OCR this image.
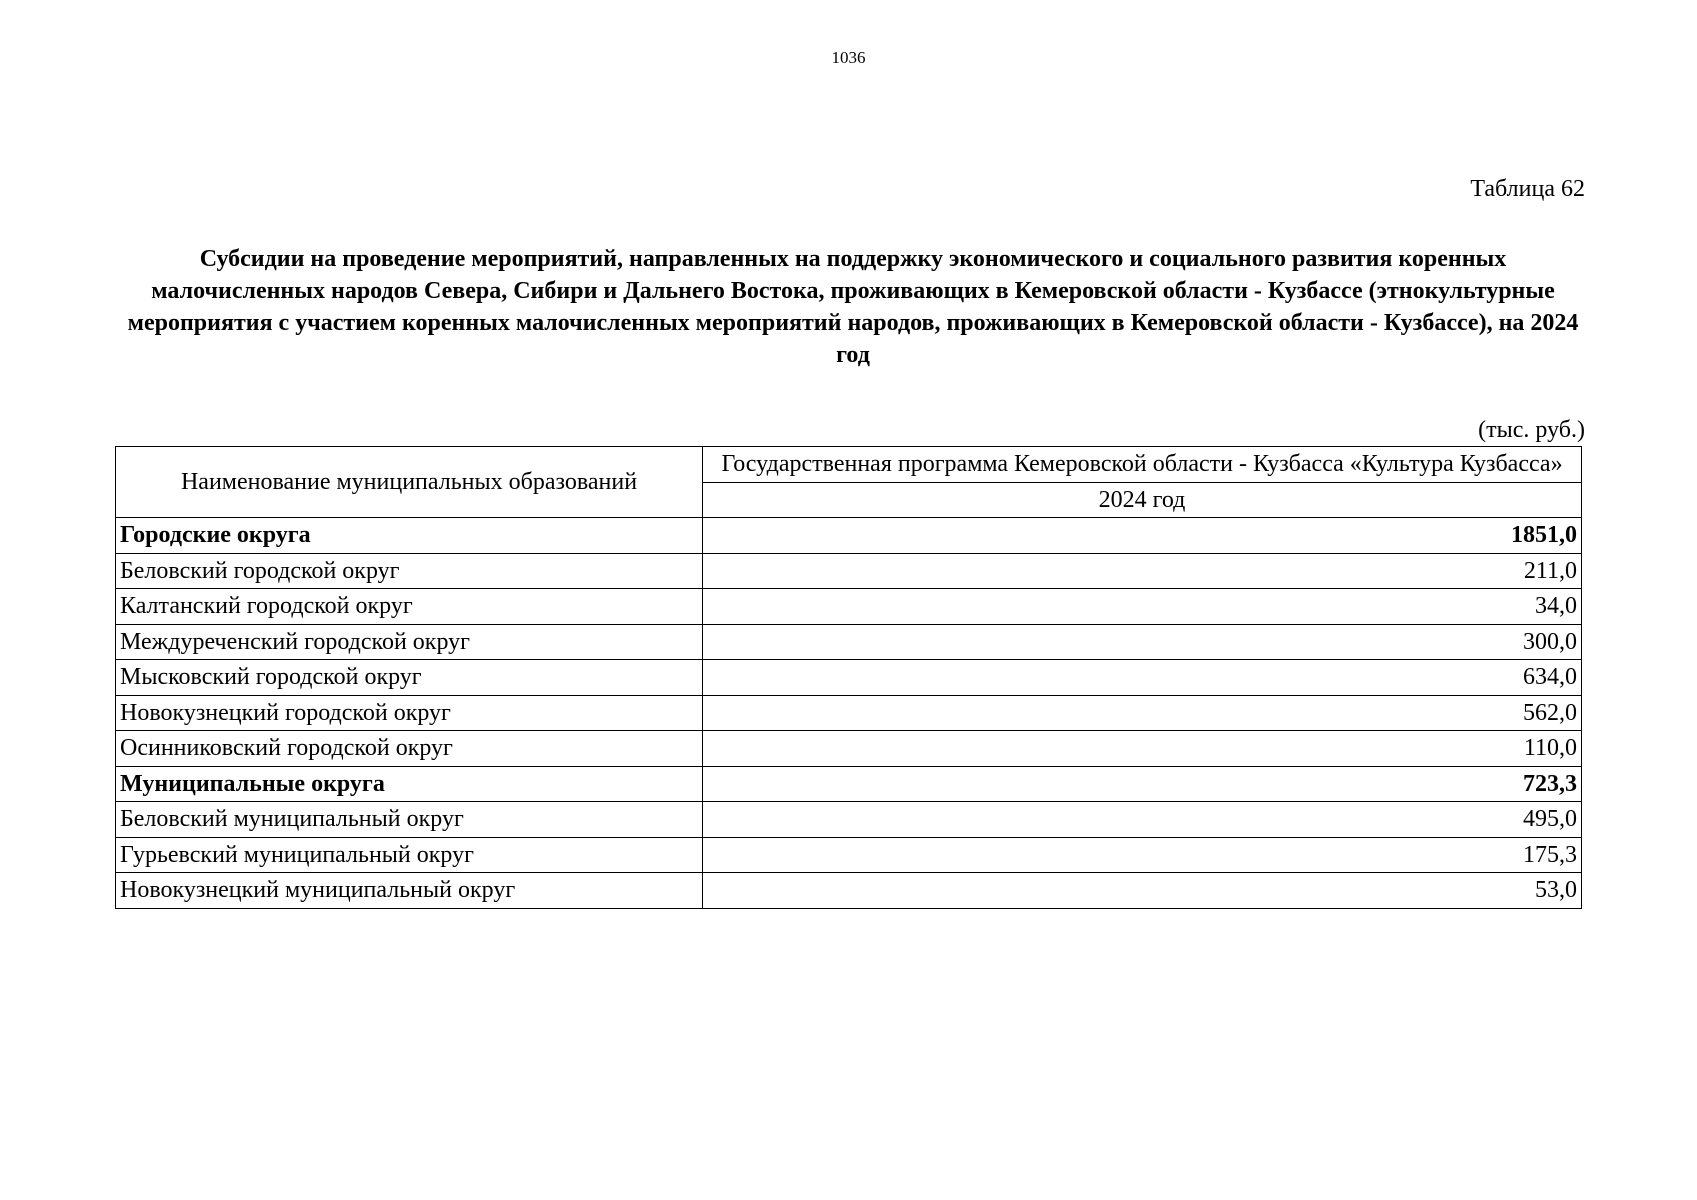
1036
Таблица 62
Субсидии на проведение мероприятий, направленных на поддержку экономического и социального развития коренных малочисленных народов Севера, Сибири и Дальнего Востока, проживающих в Кемеровской области - Кузбассе (этнокультурные мероприятия с участием коренных малочисленных мероприятий народов, проживающих в Кемеровской области - Кузбассе), на 2024 год
(тыс. руб.)
Наименование муниципальных образований	Государственная программа Кемеровской области - Кузбасса «Культура Кузбасса»
	2024 год
Городские округа	1851,0
Беловский городской округ	211,0
Калтанский городской округ	34,0
Междуреченский городской округ	300,0
Мысковский городской округ	634,0
Новокузнецкий городской округ	562,0
Осинниковский городской округ	110,0
Муниципальные округа	723,3
Беловский муниципальный округ	495,0
Гурьевский муниципальный округ	175,3
Новокузнецкий муниципальный округ	53,0
